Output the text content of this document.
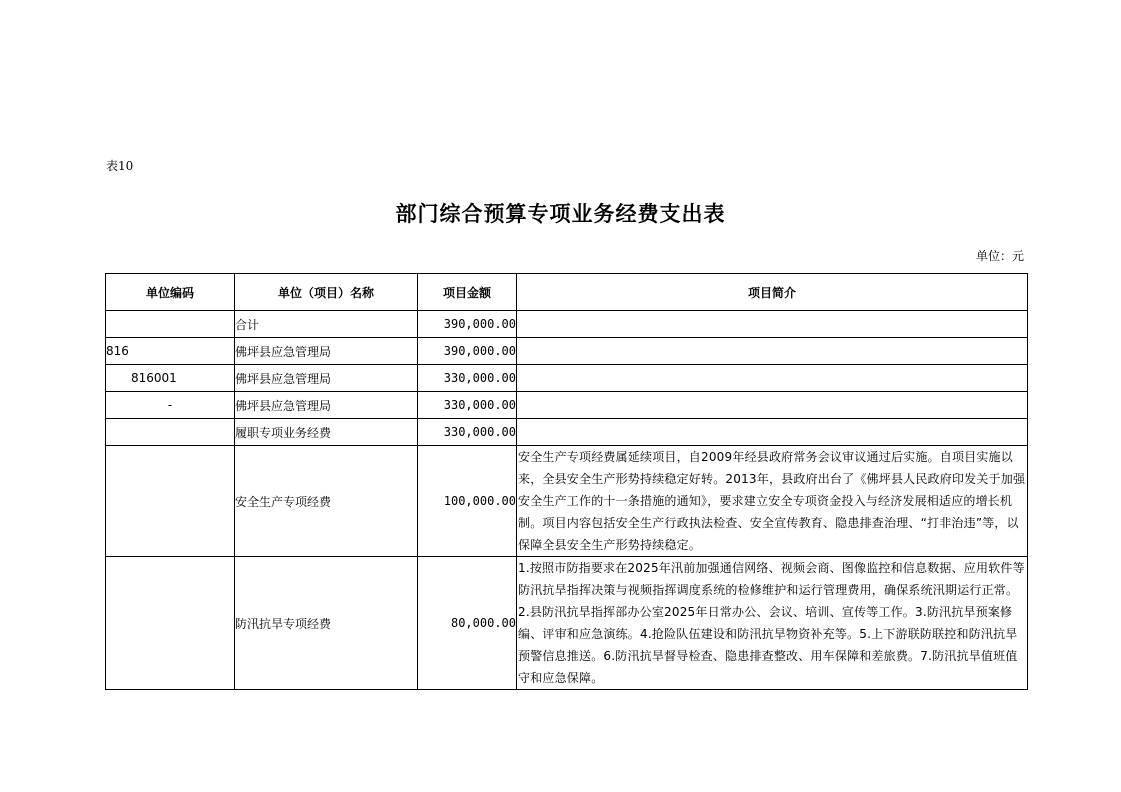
表10
部门综合预算专项业务经费支出表
单位：元
单位编码	单位（项目）名称	项目金额	项目简介
	合计	390,000.00	
816	佛坪县应急管理局	390,000.00	
816001	佛坪县应急管理局	330,000.00	
-	佛坪县应急管理局	330,000.00	
	履职专项业务经费	330,000.00	
	安全生产专项经费	100,000.00	安全生产专项经费属延续项目，自2009年经县政府常务会议审议通过后实施。自项目实施以来，全县安全生产形势持续稳定好转。2013年，县政府出台了《佛坪县人民政府印发关于加强安全生产工作的十一条措施的通知》，要求建立安全专项资金投入与经济发展相适应的增长机制。项目内容包括安全生产行政执法检查、安全宣传教育、隐患排查治理、“打非治违”等，以保障全县安全生产形势持续稳定。
	防汛抗旱专项经费	80,000.00	1.按照市防指要求在2025年汛前加强通信网络、视频会商、图像监控和信息数据、应用软件等防汛抗旱指挥决策与视频指挥调度系统的检修维护和运行管理费用，确保系统汛期运行正常。2.县防汛抗旱指挥部办公室2025年日常办公、会议、培训、宣传等工作。3.防汛抗旱预案修编、评审和应急演练。4.抢险队伍建设和防汛抗旱物资补充等。5.上下游联防联控和防汛抗旱预警信息推送。6.防汛抗旱督导检查、隐患排查整改、用车保障和差旅费。7.防汛抗旱值班值守和应急保障。
